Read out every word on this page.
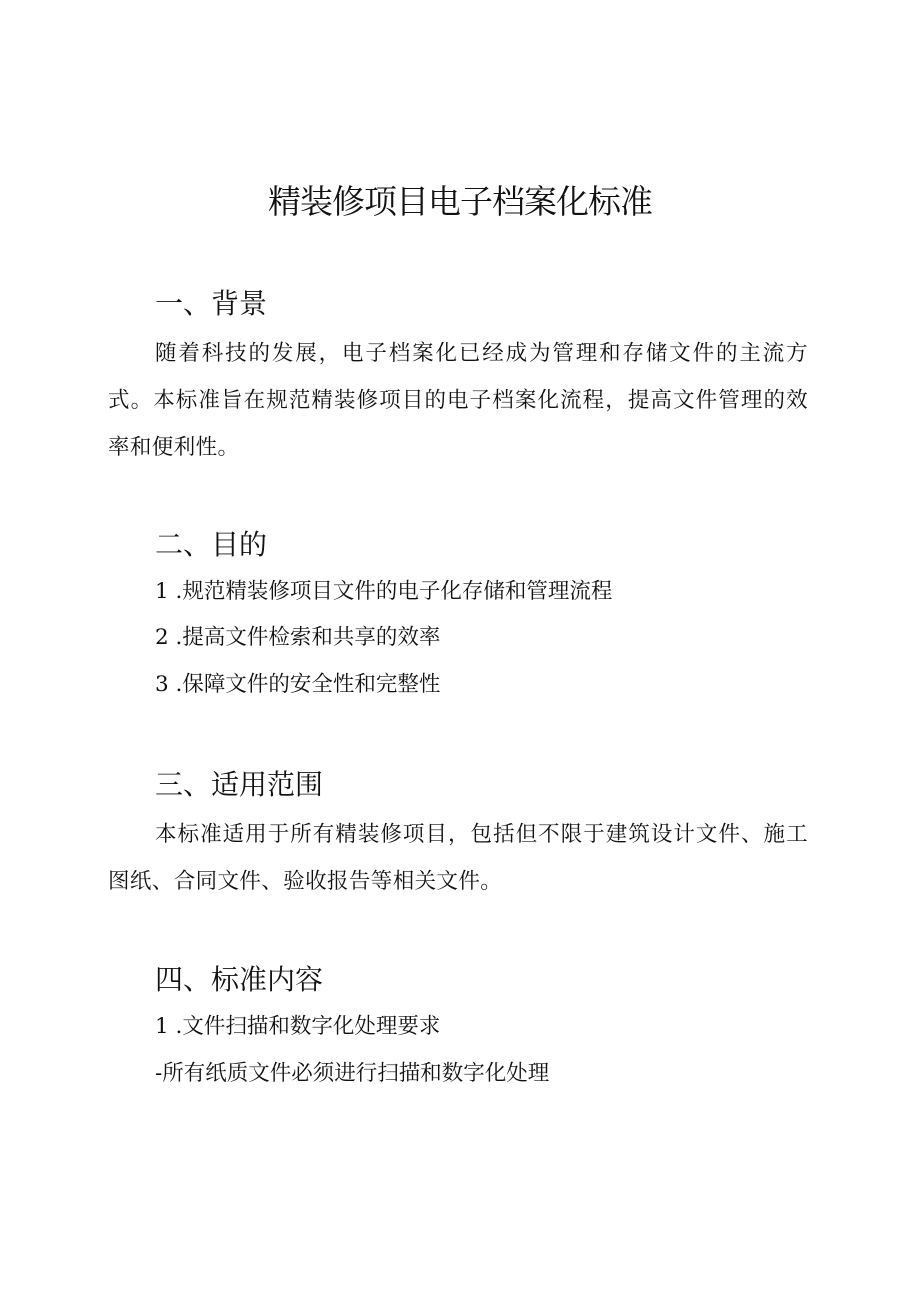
精装修项目电子档案化标准
一、背景

随着科技的发展，电子档案化已经成为管理和存储文件的主流方式。本标准旨在规范精装修项目的电子档案化流程，提高文件管理的效率和便利性。

二、目的

1 .规范精装修项目文件的电子化存储和管理流程

2 .提高文件检索和共享的效率

3 .保障文件的安全性和完整性

三、适用范围

本标准适用于所有精装修项目，包括但不限于建筑设计文件、施工图纸、合同文件、验收报告等相关文件。

四、标准内容

1 .文件扫描和数字化处理要求

-所有纸质文件必须进行扫描和数字化处理
